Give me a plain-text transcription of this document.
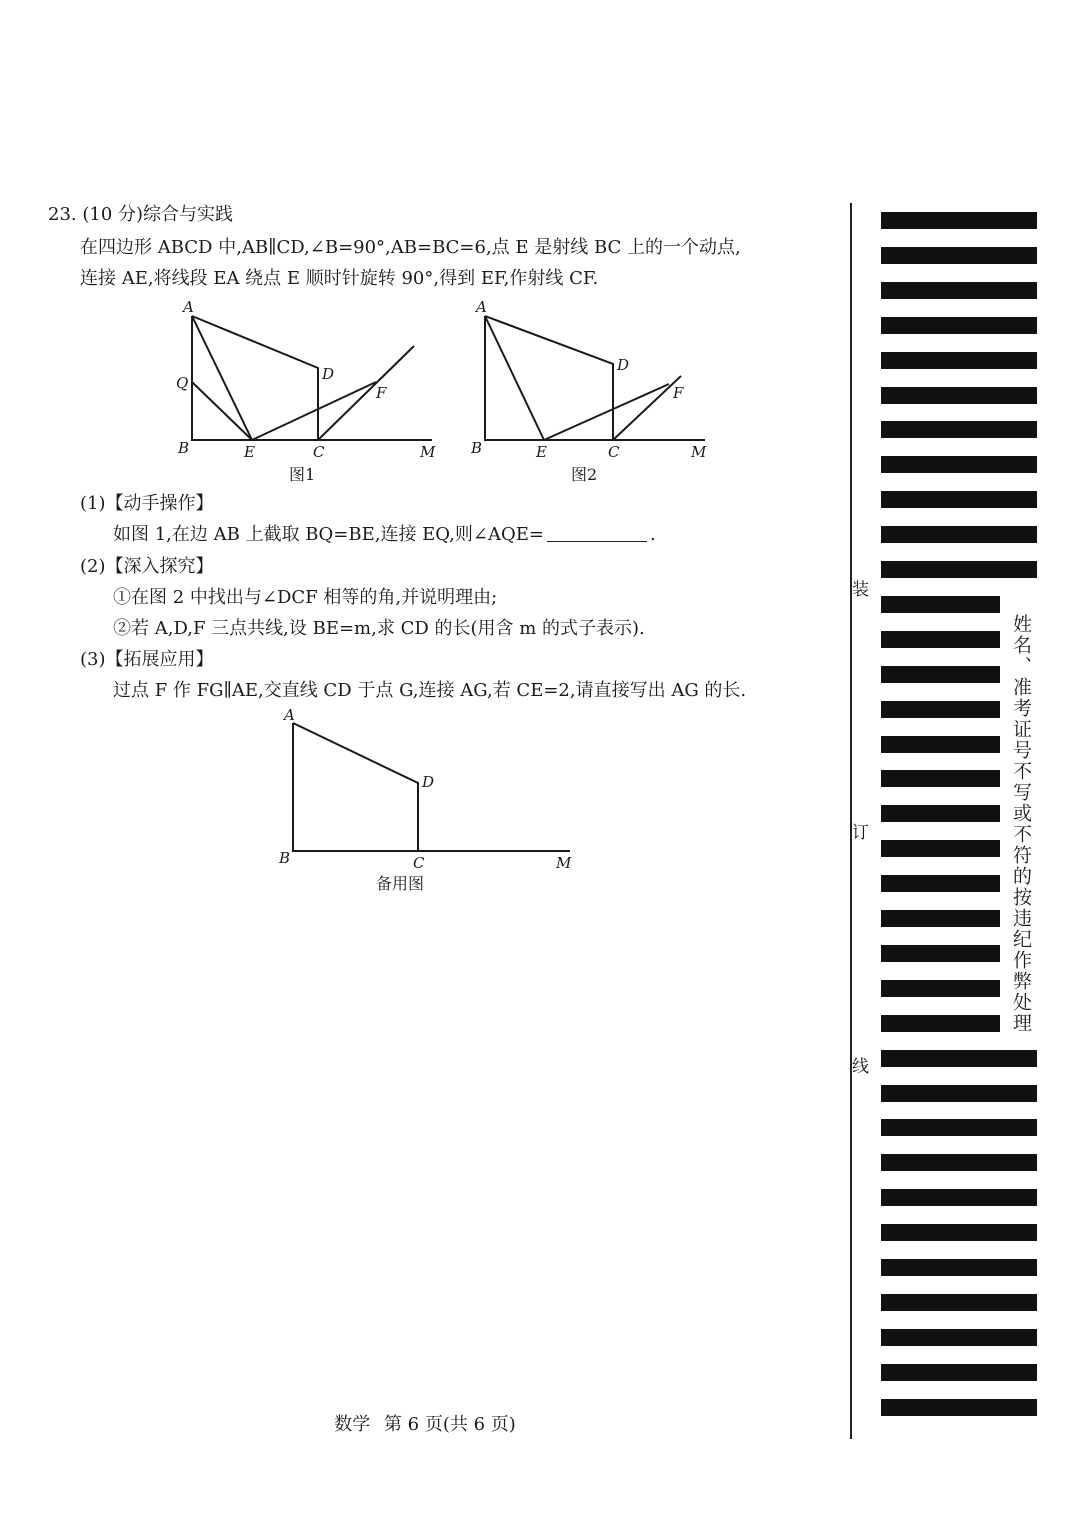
23. (10 分)综合与实践
在四边形 ABCD 中,AB∥CD,∠B=90°,AB=BC=6,点 E 是射线 BC 上的一个动点,
连接 AE,将线段 EA 绕点 E 顺时针旋转 90°,得到 EF,作射线 CF.
A
Q
B	E	C
D
F
M
图1
A
B	E	C
D
F
M
图2
(1)【动手操作】
如图 1,在边 AB 上截取 BQ=BE,连接 EQ,则∠AQE=	.
(2)【深入探究】
①在图 2 中找出与∠DCF 相等的角,并说明理由;
②若 A,D,F 三点共线,设 BE=m,求 CD 的长(用含 m 的式子表示).
(3)【拓展应用】
过点 F 作 FG∥AE,交直线 CD 于点 G,连接 AG,若 CE=2,请直接写出 AG 的长.
A
B	C
D
M
备用图
数学 第 6 页(共 6 页)
装
订
线
姓名、准考证号不写或不符的按违纪作弊处理
